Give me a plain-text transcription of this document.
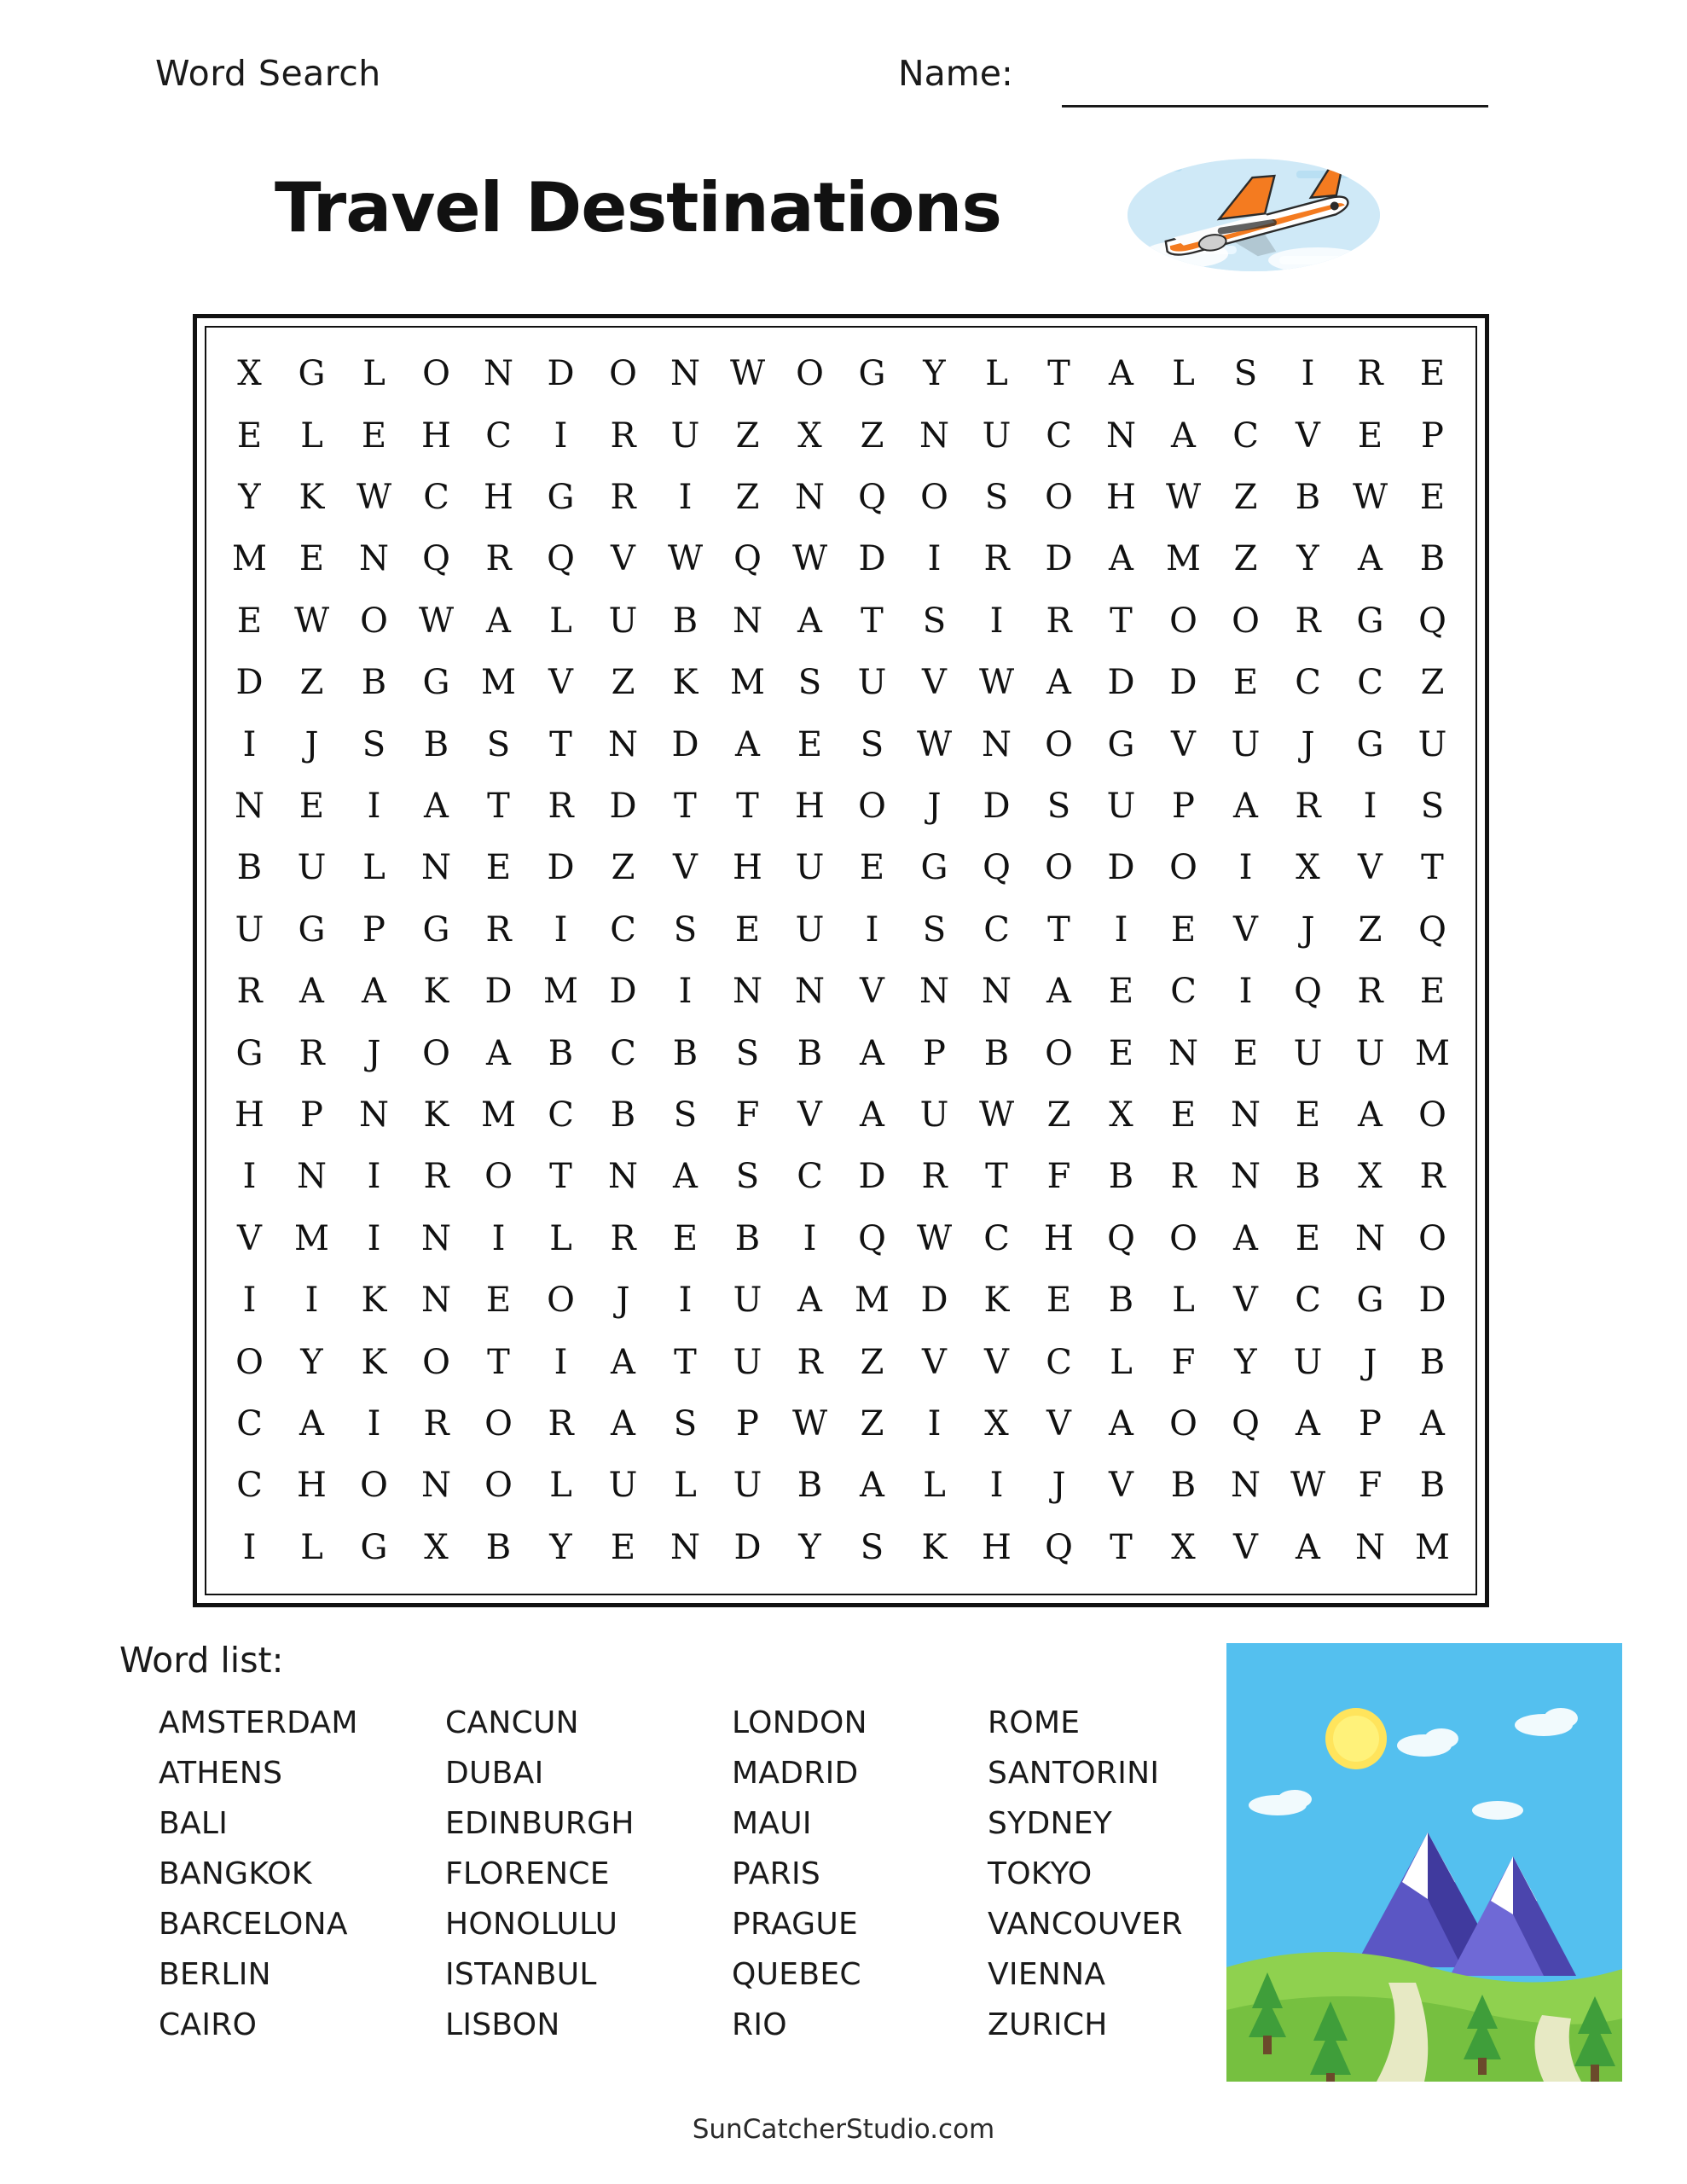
Word Search	Name:
Travel Destinations
X G L O N D O N W O G Y L T A L S I R E
E L E H C I R U Z X Z N U C N A C V E P
Y K W C H G R I Z N Q O S O H W Z B W E
M E N Q R Q V W Q W D I R D A M Z Y A B
E W O W A L U B N A T S I R T O O R G Q
D Z B G M V Z K M S U V W A D D E C C Z
I J S B S T N D A E S W N O G V U J G U
N E I A T R D T T H O J D S U P A R I S
B U L N E D Z V H U E G Q O D O I X V T
U G P G R I C S E U I S C T I E V J Z Q
R A A K D M D I N N V N N A E C I Q R E
G R J O A B C B S B A P B O E N E U U M
H P N K M C B S F V A U W Z X E N E A O
I N I R O T N A S C D R T F B R N B X R
V M I N I L R E B I Q W C H Q O A E N O
I I K N E O J I U A M D K E B L V C G D
O Y K O T I A T U R Z V V C L F Y U J B
C A I R O R A S P W Z I X V A O Q A P A
C H O N O L U L U B A L I J V B N W F B
I L G X B Y E N D Y S K H Q T X V A N M
Word list:
AMSTERDAM	CANCUN	LONDON	ROME
ATHENS	DUBAI	MADRID	SANTORINI
BALI	EDINBURGH	MAUI	SYDNEY
BANGKOK	FLORENCE	PARIS	TOKYO
BARCELONA	HONOLULU	PRAGUE	VANCOUVER
BERLIN	ISTANBUL	QUEBEC	VIENNA
CAIRO	LISBON	RIO	ZURICH
SunCatcherStudio.com
